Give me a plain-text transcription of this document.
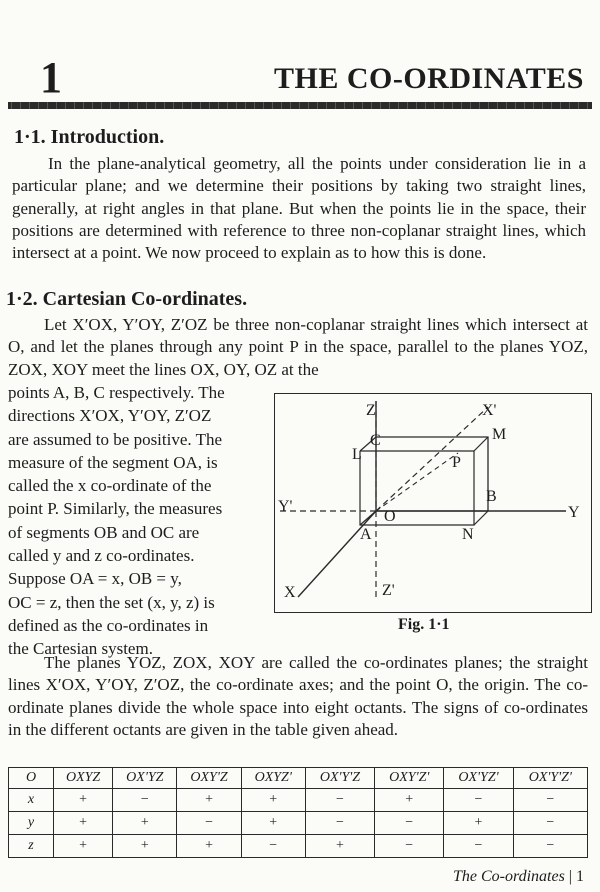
1	THE CO-ORDINATES
1·1. Introduction.

In the plane-analytical geometry, all the points under consideration lie in a particular plane; and we determine their positions by taking two straight lines, generally, at right angles in that plane. But when the points lie in the space, their positions are determined with reference to three non-coplanar straight lines, which intersect at a point. We now proceed to explain as to how this is done.

1·2. Cartesian Co-ordinates.

Let X′OX, Y′OY, Z′OZ be three non-coplanar straight lines which intersect at O, and let the planes through any point P in the space, parallel to the planes YOZ, ZOX, XOY meet the lines OX, OY, OZ at the

points A, B, C respectively. The
directions X′OX, Y′OY, Z′OZ
are assumed to be positive. The
measure of the segment OA, is
called the x co-ordinate of the
point P. Similarly, the measures
of segments OB and OC are
called y and z co-ordinates.
Suppose OA = x, OB = y,
OC = z, then the set (x, y, z) is
defined as the co-ordinates in
the Cartesian system.
Z	X'
C	M
L	P
B
Y
Y'
O
A	N
X	Z'
Fig. 1·1

The planes YOZ, ZOX, XOY are called the co-ordinates planes; the straight lines X′OX, Y′OY, Z′OZ, the co-ordinate axes; and the point O, the origin. The co-ordinate planes divide the whole space into eight octants. The signs of co-ordinates in the different octants are given in the table given ahead.

O	OXYZ	OX'YZ	OXY'Z	OXYZ'	OX'Y'Z	OXY'Z'	OX'YZ'	OX'Y'Z'
x	+	−	+	+	−	+	−	−
y	+	+	−	+	−	−	+	−
z	+	+	+	−	+	−	−	−
The Co-ordinates | 1
